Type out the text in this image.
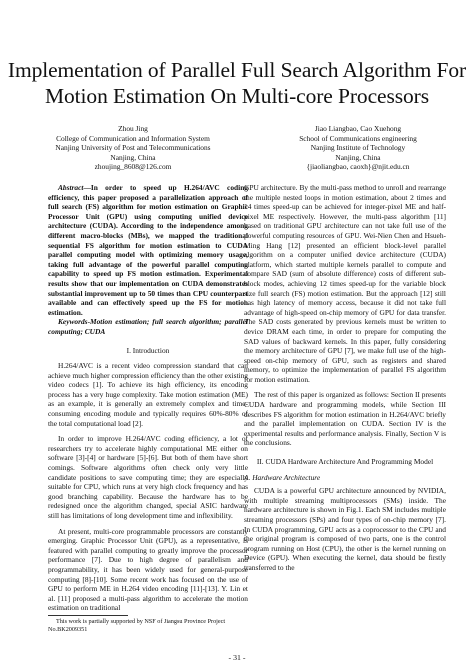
Implementation of Parallel Full Search Algorithm For Motion Estimation On Multi-core Processors
Zhou Jing
College of Communication and Information System
Nanjing University of Post and Telecommunications
Nanjing, China
zhoujing_8608@126.com
Jiao Liangbao, Cao Xuehong
School of Communications engineering
Nanjing Institute of Technology
Nanjing, China
{jiaoliangbao, caoxh}@njit.edu.cn

Abstract—In order to speed up H.264/AVC coding efficiency, this paper proposed a parallelization approach of full search (FS) algorithm for motion estimation on Graphic Processor Unit (GPU) using computing unified device architecture (CUDA). According to the independence among different macro-blocks (MBs), we mapped the traditional sequential FS algorithm for motion estimation to CUDA parallel computing model with optimizing memory usage, taking full advantage of the powerful parallel computing capability to speed up FS motion estimation. Experimental results show that our implementation on CUDA demonstrates substantial improvement up to 50 times than CPU counterpart available and can effectively speed up the FS for motion estimation.

Keywords-Motion estimation; full search algorithm; parallel computing; CUDA

I. Introduction

H.264/AVC is a recent video compression standard that can achieve much higher compression efficiency than the other existing video codecs [1]. To achieve its high efficiency, its encoding process has a very huge complexity. Take motion estimation (ME) as an example, it is generally an extremely complex and time-consuming encoding module and typically requires 60%-80% of the total computational load [2].

In order to improve H.264/AVC coding efficiency, a lot of researchers try to accelerate highly computational ME either on software [3]-[4] or hardware [5]-[6]. But both of them have short comings. Software algorithms often check only very little candidate positions to save computing time; they are especially suitable for CPU, which runs at very high clock frequency and has good branching capability. Because the hardware has to be redesigned once the algorithm changed, special ASIC hardware still has limitations of long development time and inflexibility.

At present, multi-core programmable processors are constantly emerging. Graphic Processor Unit (GPU), as a representative, is featured with parallel computing to greatly improve the processor performance [7]. Due to high degree of parallelism and programmability, it has been widely used for general-purpose computing [8]-[10]. Some recent work has focused on the use of GPU to perform ME in H.264 video encoding [11]-[13]. Y. Lin et al. [11] proposed a multi-pass algorithm to accelerate the motion estimation on traditional

This work is partially supported by NSF of Jiangsu Province Project No.BK2009351

GPU architecture. By the multi-pass method to unroll and rearrange the multiple nested loops in motion estimation, about 2 times and 14 times speed-up can be achieved for integer-pixel ME and half-pixel ME respectively. However, the multi-pass algorithm [11] based on traditional GPU architecture can not take full use of the powerful computing resources of GPU. Wei-Nien Chen and Hsueh-Ming Hang [12] presented an efficient block-level parallel algorithm on a computer unified device architecture (CUDA) platform, which started multiple kernels parallel to compute and compare SAD (sum of absolute difference) costs of different sub-block modes, achieving 12 times speed-up for the variable block size full search (FS) motion estimation. But the approach [12] still has high latency of memory access, because it did not take full advantage of high-speed on-chip memory of GPU for data transfer. The SAD costs generated by previous kernels must be written to device DRAM each time, in order to prepare for computing the SAD values of backward kernels. In this paper, fully considering the memory architecture of GPU [7], we make full use of the high-speed on-chip memory of GPU, such as registers and shared memory, to optimize the implementation of parallel FS algorithm for motion estimation.

The rest of this paper is organized as follows: Section II presents CUDA hardware and programming models, while Section III describes FS algorithm for motion estimation in H.264/AVC briefly and the parallel implementation on CUDA. Section IV is the experimental results and performance analysis. Finally, Section V is the conclusions.

II. CUDA Hardware Architecture And Programming Model
A. Hardware Architecture

CUDA is a powerful GPU architecture announced by NVIDIA, with multiple streaming multiprocessors (SMs) inside. The hardware architecture is shown in Fig.1. Each SM includes multiple streaming processors (SPs) and four types of on-chip memory [7]. In CUDA programming, GPU acts as a coprocessor to the CPU and the original program is composed of two parts, one is the control program running on Host (CPU), the other is the kernel running on Device (GPU). When executing the kernel, data should be firstly transferred to the

- 31 -
